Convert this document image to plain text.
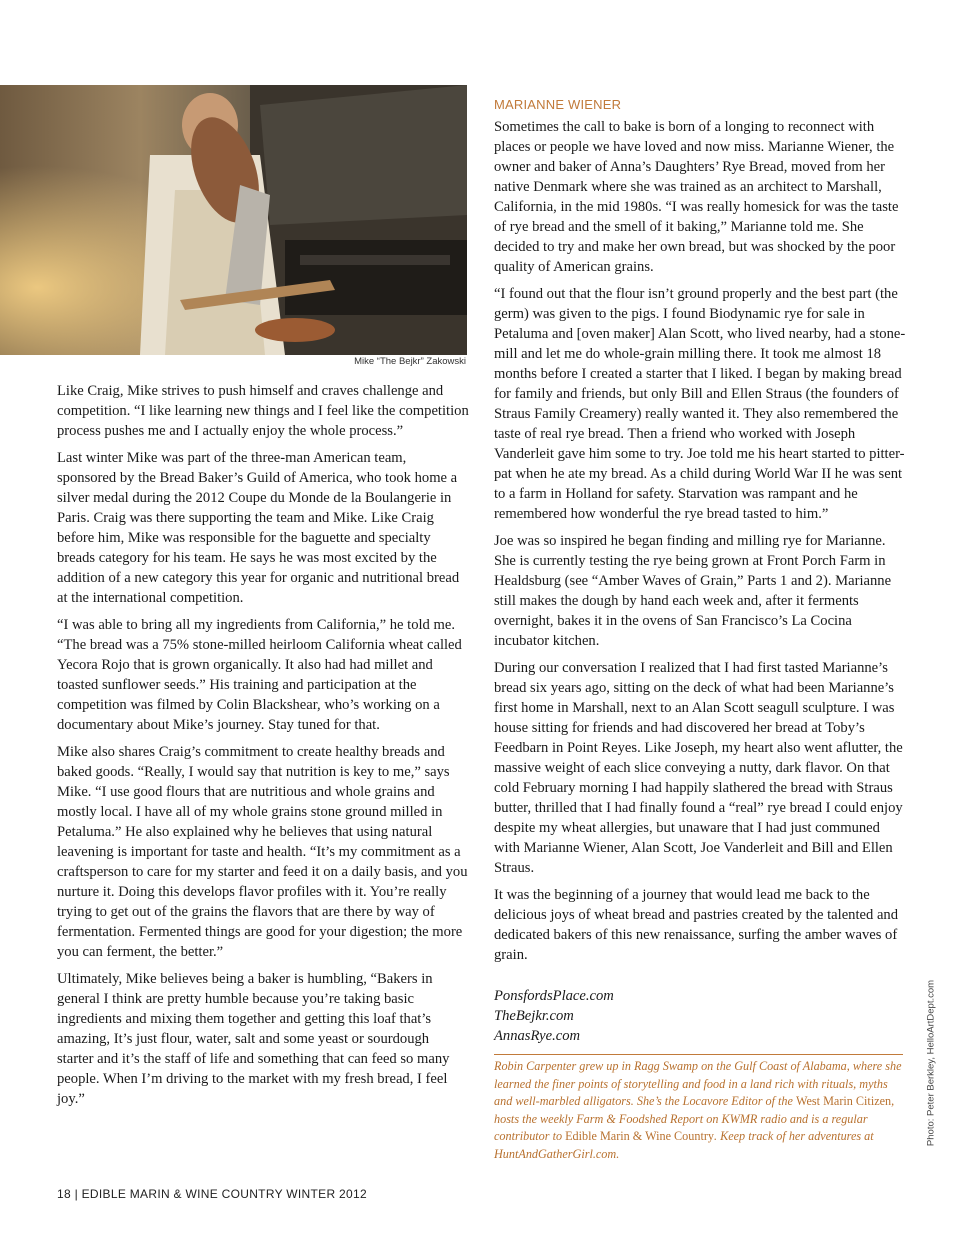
Mike “The Bejkr” Zakowski

Like Craig, Mike strives to push himself and craves challenge and competition. “I like learning new things and I feel like the competition process pushes me and I actually enjoy the whole process.”

Last winter Mike was part of the three-man American team, sponsored by the Bread Baker’s Guild of America, who took home a silver medal during the 2012 Coupe du Monde de la Boulangerie in Paris. Craig was there supporting the team and Mike. Like Craig before him, Mike was responsible for the baguette and specialty breads category for his team. He says he was most excited by the addition of a new category this year for organic and nutritional bread at the international competition.

“I was able to bring all my ingredients from California,” he told me. “The bread was a 75% stone-milled heirloom California wheat called Yecora Rojo that is grown organically. It also had had millet and toasted sunflower seeds.” His training and participation at the competition was filmed by Colin Blackshear, who’s working on a documentary about Mike’s journey. Stay tuned for that.

Mike also shares Craig’s commitment to create healthy breads and baked goods. “Really, I would say that nutrition is key to me,” says Mike. “I use good flours that are nutritious and whole grains and mostly local. I have all of my whole grains stone ground milled in Petaluma.” He also explained why he believes that using natural leavening is important for taste and health. “It’s my commitment as a craftsperson to care for my starter and feed it on a daily basis, and you nurture it. Doing this develops flavor profiles with it. You’re really trying to get out of the grains the flavors that are there by way of fermentation. Fermented things are good for your digestion; the more you can ferment, the better.”

Ultimately, Mike believes being a baker is humbling, “Bakers in general I think are pretty humble because you’re taking basic ingredients and mixing them together and getting this loaf that’s amazing, It’s just flour, water, salt and some yeast or sourdough starter and it’s the staff of life and something that can feed so many people. When I’m driving to the market with my fresh bread, I feel joy.”

MARIANNE WIENER

Sometimes the call to bake is born of a longing to reconnect with places or people we have loved and now miss. Marianne Wiener, the owner and baker of Anna’s Daughters’ Rye Bread, moved from her native Denmark where she was trained as an architect to Marshall, California, in the mid 1980s. “I was really homesick for was the taste of rye bread and the smell of it baking,” Marianne told me. She decided to try and make her own bread, but was shocked by the poor quality of American grains.

“I found out that the flour isn’t ground properly and the best part (the germ) was given to the pigs. I found Biodynamic rye for sale in Petaluma and [oven maker] Alan Scott, who lived nearby, had a stone-mill and let me do whole-grain milling there. It took me almost 18 months before I created a starter that I liked. I began by making bread for family and friends, but only Bill and Ellen Straus (the founders of Straus Family Creamery) really wanted it. They also remembered the taste of real rye bread. Then a friend who worked with Joseph Vanderleit gave him some to try. Joe told me his heart started to pitter-pat when he ate my bread. As a child during World War II he was sent to a farm in Holland for safety. Starvation was rampant and he remembered how wonderful the rye bread tasted to him.”

Joe was so inspired he began finding and milling rye for Marianne. She is currently testing the rye being grown at Front Porch Farm in Healdsburg (see “Amber Waves of Grain,” Parts 1 and 2). Marianne still makes the dough by hand each week and, after it ferments overnight, bakes it in the ovens of San Francisco’s La Cocina incubator kitchen.

During our conversation I realized that I had first tasted Marianne’s bread six years ago, sitting on the deck of what had been Marianne’s first home in Marshall, next to an Alan Scott seagull sculpture. I was house sitting for friends and had discovered her bread at Toby’s Feedbarn in Point Reyes. Like Joseph, my heart also went aflutter, the massive weight of each slice conveying a nutty, dark flavor. On that cold February morning I had happily slathered the bread with Straus butter, thrilled that I had finally found a “real” rye bread I could enjoy despite my wheat allergies, but unaware that I had just communed with Marianne Wiener, Alan Scott, Joe Vanderleit and Bill and Ellen Straus.

It was the beginning of a journey that would lead me back to the delicious joys of wheat bread and pastries created by the talented and dedicated bakers of this new renaissance, surfing the amber waves of grain.

PonsfordsPlace.com
TheBejkr.com
AnnasRye.com
Robin Carpenter grew up in Ragg Swamp on the Gulf Coast of Alabama, where she learned the finer points of storytelling and food in a land rich with rituals, myths and well-marbled alligators. She’s the Locavore Editor of the West Marin Citizen, hosts the weekly Farm & Foodshed Report on KWMR radio and is a regular contributor to Edible Marin & Wine Country. Keep track of her adventures at HuntAndGatherGirl.com.
18 | EDIBLE MARIN & WINE COUNTRY WINTER 2012
Photo: Peter Berkley, HelloArtDept.com
